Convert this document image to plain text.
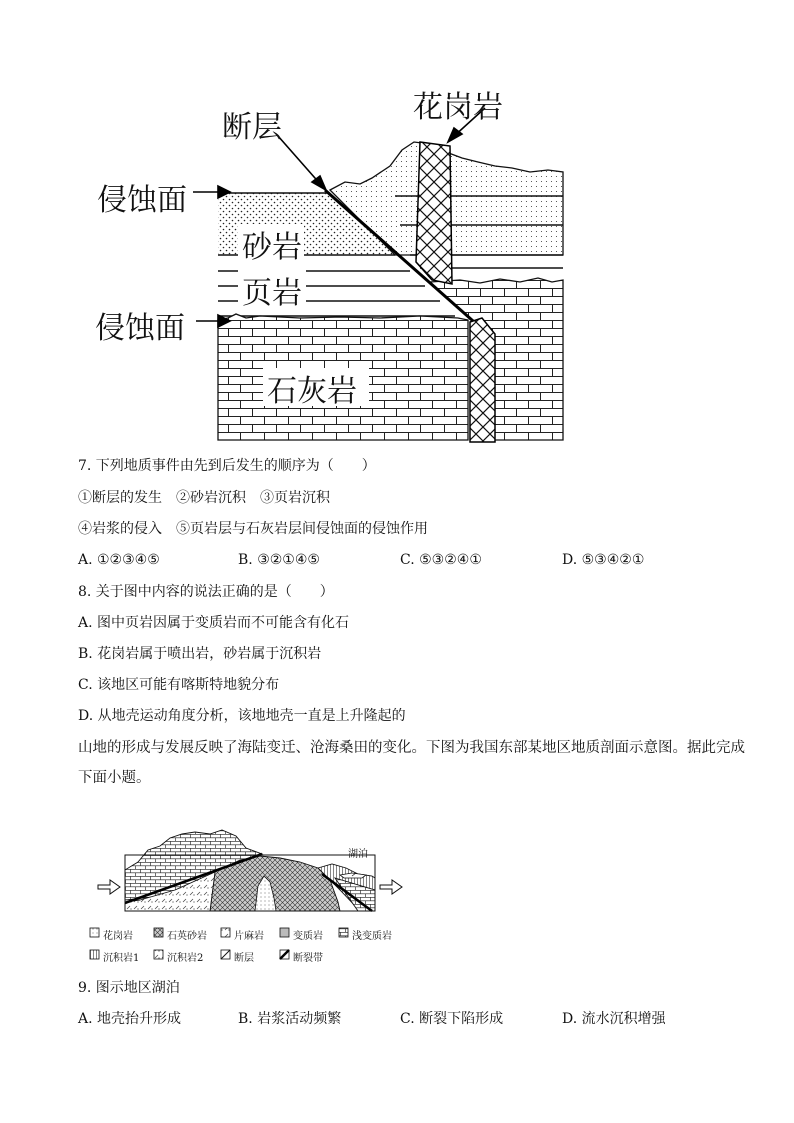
断层
花岗岩
侵蚀面
砂岩
页岩
侵蚀面
石灰岩
7. 下列地质事件由先到后发生的顺序为（　　）
①断层的发生　②砂岩沉积　③页岩沉积
④岩浆的侵入　⑤页岩层与石灰岩层间侵蚀面的侵蚀作用
A. ①②③④⑤	B. ③②①④⑤	C. ⑤③②④①	D. ⑤③④②①
8. 关于图中内容的说法正确的是（　　）
A. 图中页岩因属于变质岩而不可能含有化石
B. 花岗岩属于喷出岩，砂岩属于沉积岩
C. 该地区可能有喀斯特地貌分布
D. 从地壳运动角度分析，该地地壳一直是上升隆起的
山地的形成与发展反映了海陆变迁、沧海桑田的变化。下图为我国东部某地区地质剖面示意图。据此完成
下面小题。
湖泊
花岗岩	石英砂岩	片麻岩	变质岩	浅变质岩
沉积岩1	沉积岩2	断层	断裂带
9. 图示地区湖泊
A. 地壳抬升形成	B. 岩浆活动频繁	C. 断裂下陷形成	D. 流水沉积增强
